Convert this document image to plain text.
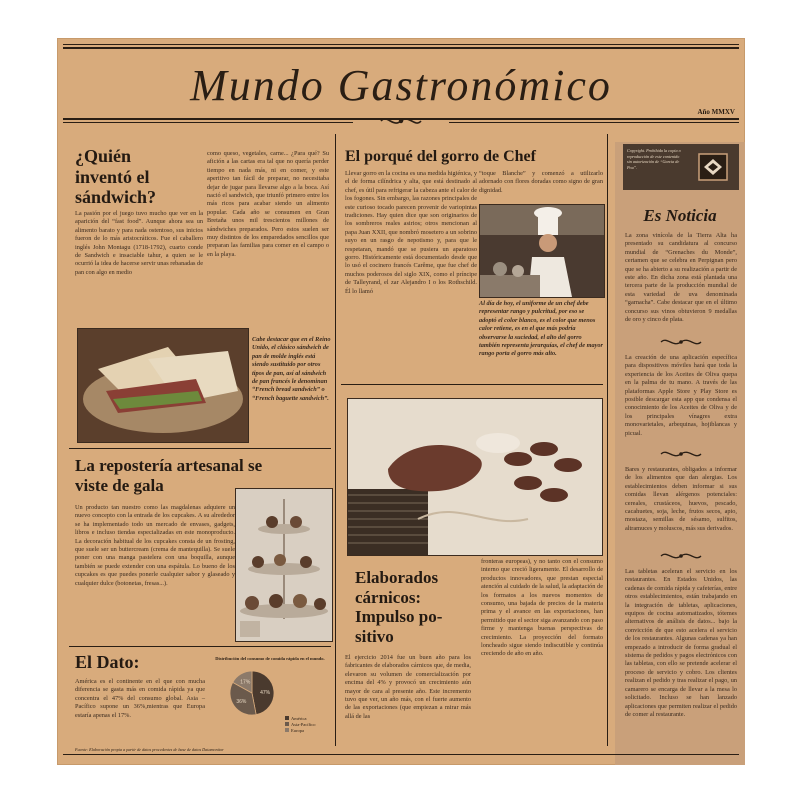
Mundo Gastronómico
Año MMXV
¿Quién
inventó el
sándwich?
La pasión por el juego tuvo mucho que ver en la aparición del “fast food”. Aunque ahora sea un alimento barato y para nada ostentoso, sus inicios fueron de lo más aristocráticos. Fue el caballero inglés John Montagu (1718-1792), cuarto conde de Sandwich e insaciable tahur, a quien se le ocurrió la idea de hacerse servir unas rebanadas de pan con algo en medio
como queso, vegetales, carne... ¿Para qué? Su afición a las cartas era tal que no quería perder tiempo en nada más, ni en comer, y este aperitivo tan fácil de preparar, no necesitaba dejar de jugar para llevarse algo a la boca. Así nació el sandwich, que triunfó primero entre los más ricos para acabar siendo un alimento popular. Cada año se consumen en Gran Bretaña unos mil trescientos millones de sándwiches preparados. Pero estos suelen ser muy distintos de los emparedados sencillos que preparan las familias para comer en el campo o en la playa.
Cabe destacar que en el Reino Unido, el clásico sándwich de pan de molde inglés está siendo sustituido por otros tipos de pan, así al sándwich de pan francés le denominan “French bread sandwich” o “French baguette sandwich”.
La repostería artesanal se
viste de gala
Un producto tan nuestro como las magdalenas adquiere un nuevo concepto con la entrada de los cupcakes. A su alrededor se ha implementado todo un mercado de envases, gadgets, libros e incluso tiendas especializadas en este monoproducto. La decoración habitual de los cupcakes consta de un frosting, que suele ser un buttercream (crema de mantequilla). Se suele poner con una manga pastelera con una boquilla, aunque también se puede extender con una espátula. Lo bueno de los cupcakes es que puedes ponerle cualquier sabor y glaseado y cualquier dulce (botonetas, fresas...).
El Dato:
América es el continente en el que con mucha diferencia se gasta más en comida rápida ya que concentra el 47% del consumo global. Asia – Pacífico supone un 36%,mientras que Europa estaría apenas el 17%.
Distribución del consumo de comida rápida en el mundo.
47%
36%
17%
América
Asia-Pacífico
Europa
Fuente: Elaboración propia a partir de datos procedentes de base de datos Datamonitor
El porqué del gorro de Chef
Llevar gorro en la cocina es una medida higiénica, y el de forma cilíndrica y alta, que está destinado al chef, es útil para refrigerar la cabeza ante el calor de los fogones. Sin embargo, las razones principales de este curioso tocado parecen provenir de variopintas tradiciones. Hay quien dice que son originarios de los sombreros reales asirios; otros mencionan al papa Juan XXII, que nombró mosetero a un sobrino suyo en un rasgo de nepotismo y, para que le respetaran, mandó que se pusiera un aparatoso gorro. Históricamente está documentado desde que lo usó el cocinero francés Carême, que fue chef de muchos poderosos del siglo XIX, como el príncipe de Talleyrand, el zar Alejandro I o los Rothschild. Él lo llamó
“toque Blanche” y comenzó a utilizarlo adornado con flores doradas como signo de gran dignidad.
Al día de hoy, el uniforme de un chef debe representar rango y pulcritud, por eso se adoptó el color blanco, es el color que menos calor retiene, es en el que más podría observarse la suciedad, el alto del gorro también representa jerarquías, el chef de mayor rango porta el gorro más alto.
Elaborados
cárnicos:
Impulso po-
sitivo
El ejercicio 2014 fue un buen año para los fabricantes de elaborados cárnicos que, de media, elevaron su volumen de comercialización por encima del 4% y provocó un crecimiento aún mayor de cara al presente año. Este incremento tuvo que ver, un año más, con el fuerte aumento de las exportaciones (que empiezan a mirar más allá de las
fronteras europeas), y no tanto con el consumo interno que creció ligeramente. El desarrollo de productos innovadores, que prestan especial atención al cuidado de la salud, la adaptación de los formatos a los nuevos momentos de consumo, una bajada de precios de la materia prima y el avance en las exportaciones, han permitido que el sector siga avanzando con paso firme y mantenga buenas perspectivas de crecimiento. La proyección del formato loncheado sigue siendo indiscutible y continúa creciendo de año en año.
Copyright. Prohibida la copia o reproducción de este contenido sin autorización de “Garcia de Pou”.
Es Noticia
La zona vinícola de la Tierra Alta ha presentado su candidatura al concurso mundial de “Grenaches du Monde”, certamen que se celebra en Perpignan pero que se ha abierto a su realización a partir de este año. En dicha zona está plantada una tercera parte de la producción mundial de esta variedad de uva denominada “garnacha”. Cabe destacar que en el último concurso sus vinos obtuvieron 9 medallas de oro y cinco de plata.
La creación de una aplicación específica para dispositivos móviles hará que toda la experiencia de los Aceites de Oliva quepa en la palma de tu mano. A través de las plataformas Apple Store y Play Store es posible descargar esta app que condensa el conocimiento de los Aceites de Oliva y de los principales vínagres extra monovarietales, arbequinas, hojiblancas y picual.
Bares y restaurantes, obligados a informar de los alimentos que dan alergias. Los establecimientos deben informar si sus comidas llevan alérgenos potenciales: cereales, crustáceos, huevos, pescado, cacahuetes, soja, leche, frutos secos, apio, mostaza, semillas de sésamo, sulfitos, altramuces y moluscos, más sus derivados.
Las tabletas aceleran el servicio en los restaurantes. En Estados Unidos, las cadenas de comida rápida y cafeterías, entre otros establecimientos, están trabajando en la integración de tabletas, aplicaciones, equipos de cocina automatizados, tótemes alternativos de análisis de datos... bajo la convicción de que esto acelera el servicio de los restaurantes. Algunas cadenas ya han empezado a introducir de forma gradual el sistema de pedidos y pagos electrónicos con las tabletas, con ello se pretende acelerar el proceso de servicio y cobro. Los clientes realizan el pedido y tras realizar el pago, un camarero se encarga de llevar a la mesa lo solicitado. Incluso se han lanzado aplicaciones que permiten realizar el pedido de comer al restaurante.
